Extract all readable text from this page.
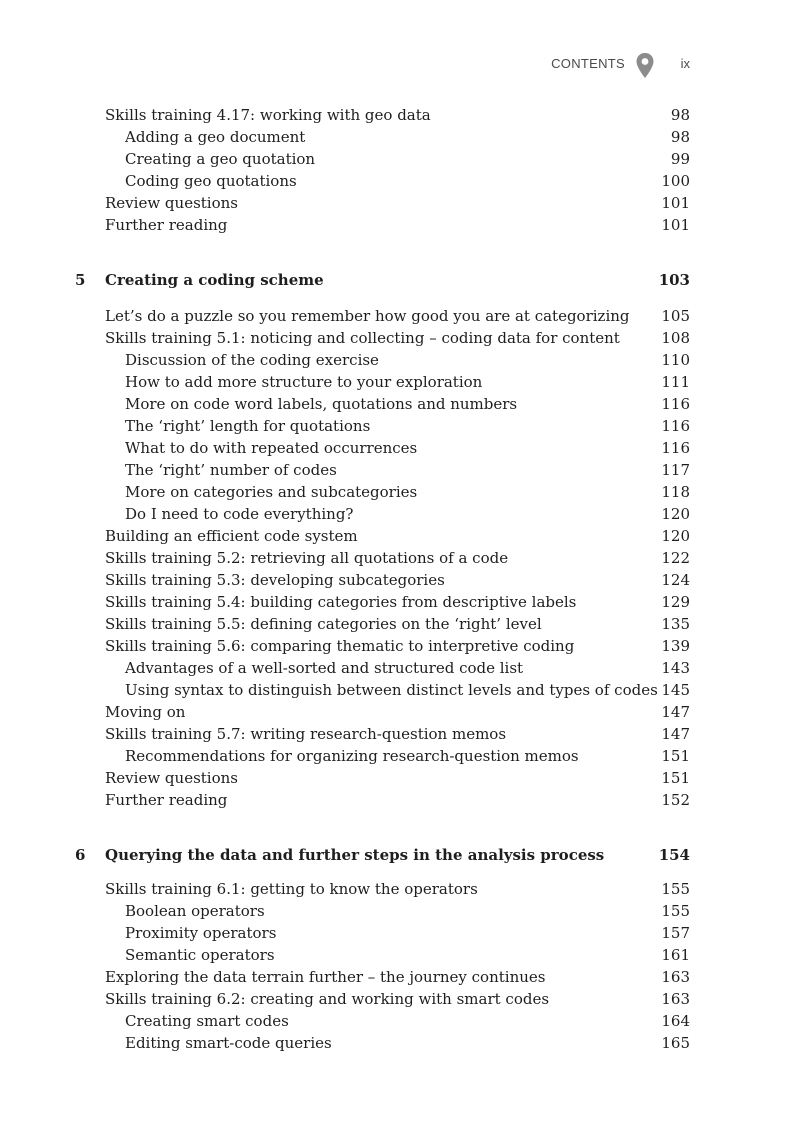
CONTENTS	ix
Skills training 4.17: working with geo data	98
Adding a geo document	98
Creating a geo quotation	99
Coding geo quotations	100
Review questions	101
Further reading	101
5 Creating a coding scheme	103
Let’s do a puzzle so you remember how good you are at categorizing 105
Skills training 5.1: noticing and collecting – coding data for content	108
Discussion of the coding exercise	110
How to add more structure to your exploration	111
More on code word labels, quotations and numbers	116
The ‘right’ length for quotations	116
What to do with repeated occurrences	116
The ‘right’ number of codes	117
More on categories and subcategories	118
Do I need to code everything?	120
Building an efficient code system	120
Skills training 5.2: retrieving all quotations of a code	122
Skills training 5.3: developing subcategories	124
Skills training 5.4: building categories from descriptive labels	129
Skills training 5.5: defining categories on the ‘right’ level	135
Skills training 5.6: comparing thematic to interpretive coding	139
Advantages of a well-sorted and structured code list	143
Using syntax to distinguish between distinct levels and types of codes 145
Moving on	147
Skills training 5.7: writing research-question memos	147
Recommendations for organizing research-question memos	151
Review questions	151
Further reading	152
6 Querying the data and further steps in the analysis process	154
Skills training 6.1: getting to know the operators	155
Boolean operators	155
Proximity operators	157
Semantic operators	161
Exploring the data terrain further – the journey continues	163
Skills training 6.2: creating and working with smart codes	163
Creating smart codes	164
Editing smart-code queries	165
